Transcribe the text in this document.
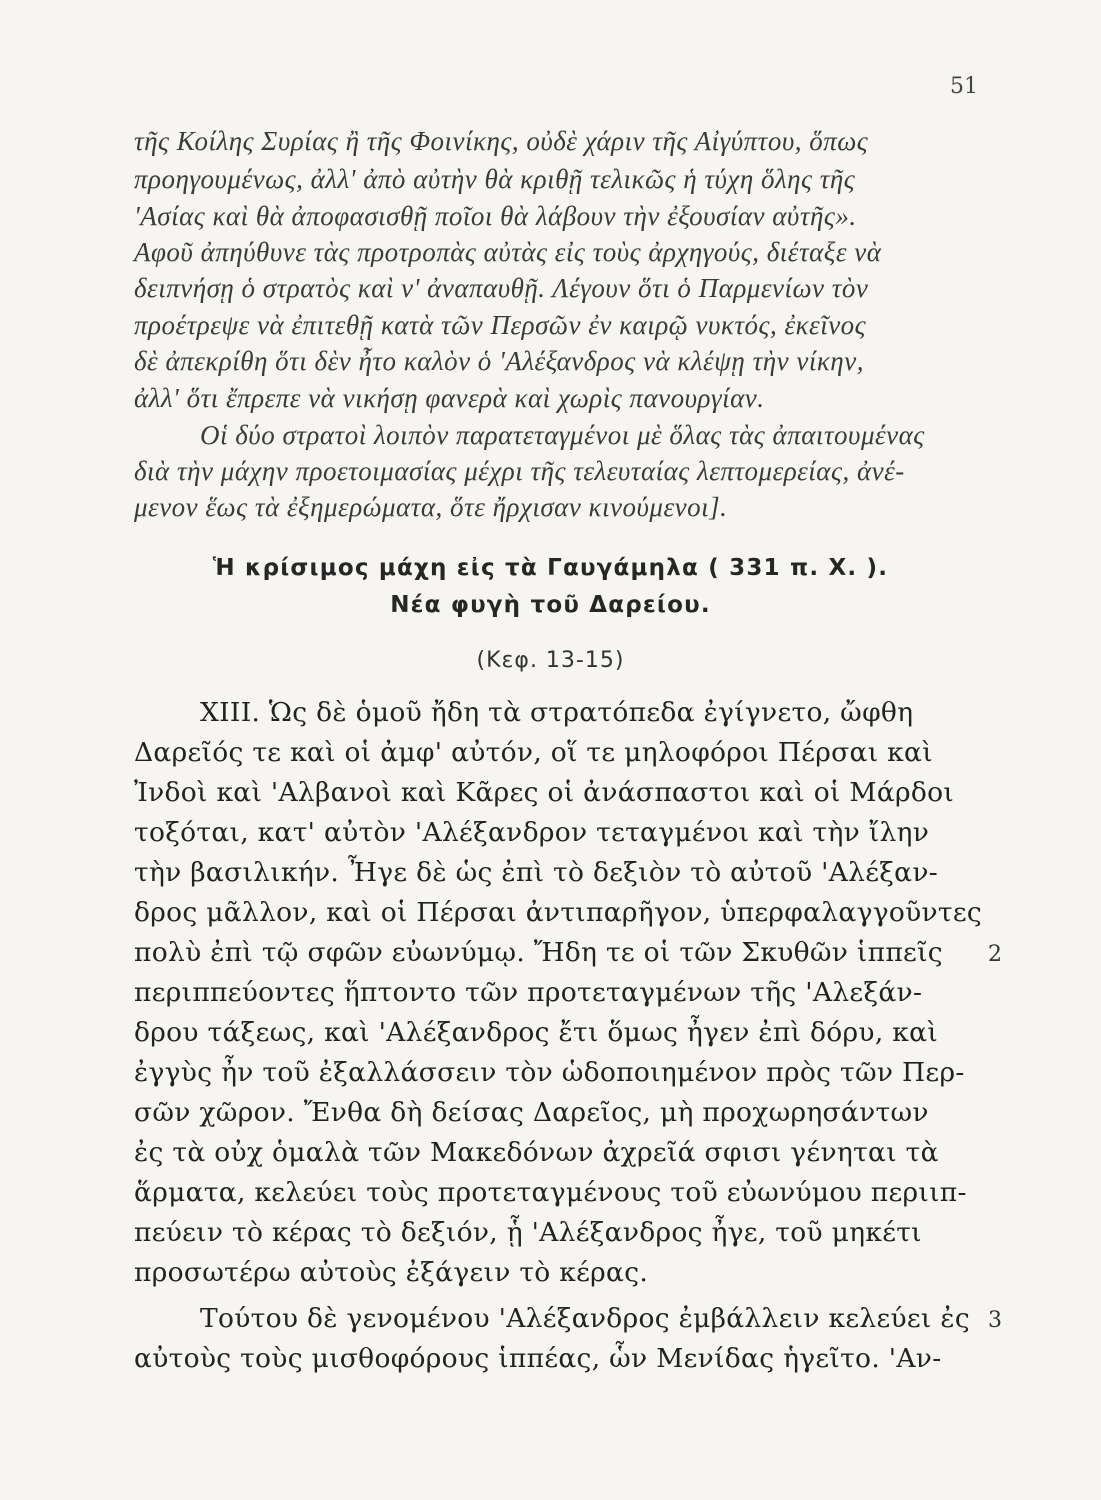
51
τῆς Κοίλης Συρίας ἢ τῆς Φοινίκης, οὐδὲ χάριν τῆς Αἰγύπτου, ὅπως
προηγουμένως, ἀλλ' ἀπὸ αὐτὴν θὰ κριθῇ τελικῶς ἡ τύχη ὅλης τῆς
'Ασίας καὶ θὰ ἀποφασισθῇ ποῖοι θὰ λάβουν τὴν ἐξουσίαν αὐτῆς».
Αφοῦ ἀπηύθυνε τὰς προτροπὰς αὐτὰς εἰς τοὺς ἀρχηγούς, διέταξε νὰ
δειπνήσῃ ὁ στρατὸς καὶ ν' ἀναπαυθῇ. Λέγουν ὅτι ὁ Παρμενίων τὸν
προέτρεψε νὰ ἐπιτεθῇ κατὰ τῶν Περσῶν ἐν καιρῷ νυκτός, ἐκεῖνος
δὲ ἀπεκρίθη ὅτι δὲν ἦτο καλὸν ὁ 'Αλέξανδρος νὰ κλέψῃ τὴν νίκην,
ἀλλ' ὅτι ἔπρεπε νὰ νικήσῃ φανερὰ καὶ χωρὶς πανουργίαν.
Οἱ δύο στρατοὶ λοιπὸν παρατεταγμένοι μὲ ὅλας τὰς ἀπαιτουμένας
διὰ τὴν μάχην προετοιμασίας μέχρι τῆς τελευταίας λεπτομερείας, ἀνέ-
μενον ἕως τὰ ἐξημερώματα, ὅτε ἤρχισαν κινούμενοι].
Ἡ κρίσιμος μάχη εἰς τὰ Γαυγάμηλα ( 331 π. Χ. ).
Νέα φυγὴ τοῦ Δαρείου.
(Κεφ. 13-15)
XIII. Ὡς δὲ ὁμοῦ ἤδη τὰ στρατόπεδα ἐγίγνετο, ὤφθη
Δαρεῖός τε καὶ οἱ ἀμφ' αὐτόν, οἵ τε μηλοφόροι Πέρσαι καὶ
Ἰνδοὶ καὶ 'Αλβανοὶ καὶ Κᾶρες οἱ ἀνάσπαστοι καὶ οἱ Μάρδοι
τοξόται, κατ' αὐτὸν 'Αλέξανδρον τεταγμένοι καὶ τὴν ἴλην
τὴν βασιλικήν. Ἦγε δὲ ὡς ἐπὶ τὸ δεξιὸν τὸ αὐτοῦ 'Αλέξαν-
δρος μᾶλλον, καὶ οἱ Πέρσαι ἀντιπαρῆγον, ὑπερφαλαγγοῦντες
πολὺ ἐπὶ τῷ σφῶν εὐωνύμῳ. Ἤδη τε οἱ τῶν Σκυθῶν ἱππεῖς
περιππεύοντες ἥπτοντο τῶν προτεταγμένων τῆς 'Αλεξάν-
δρου τάξεως, καὶ 'Αλέξανδρος ἔτι ὅμως ἦγεν ἐπὶ δόρυ, καὶ
ἐγγὺς ἦν τοῦ ἐξαλλάσσειν τὸν ὡδοποιημένον πρὸς τῶν Περ-
σῶν χῶρον. Ἔνθα δὴ δείσας Δαρεῖος, μὴ προχωρησάντων
ἐς τὰ οὐχ ὁμαλὰ τῶν Μακεδόνων ἀχρεῖά σφισι γένηται τὰ
ἅρματα, κελεύει τοὺς προτεταγμένους τοῦ εὐωνύμου περιιπ-
πεύειν τὸ κέρας τὸ δεξιόν, ᾗ 'Αλέξανδρος ἦγε, τοῦ μηκέτι
προσωτέρω αὐτοὺς ἐξάγειν τὸ κέρας.
Τούτου δὲ γενομένου 'Αλέξανδρος ἐμβάλλειν κελεύει ἐς
αὐτοὺς τοὺς μισθοφόρους ἱππέας, ὧν Μενίδας ἡγεῖτο. 'Αν-
2
3
